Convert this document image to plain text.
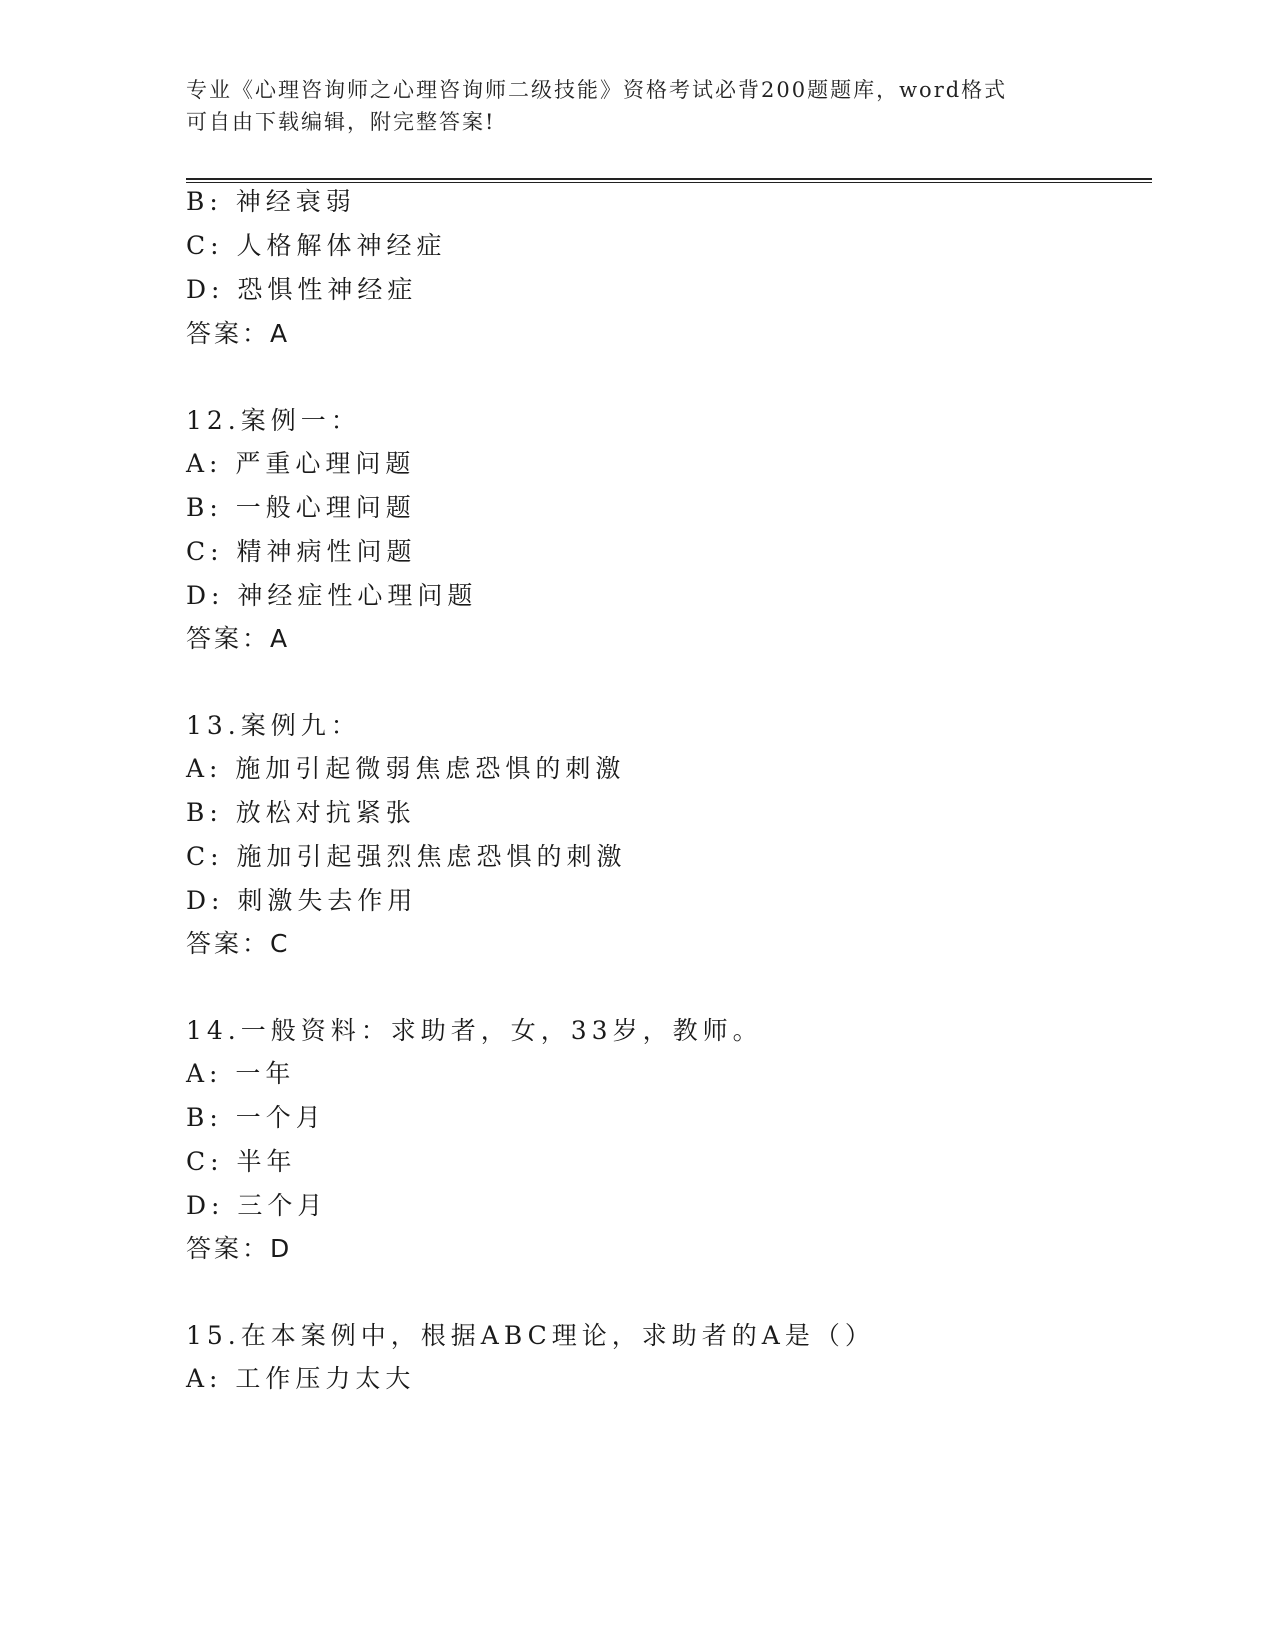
专业《心理咨询师之心理咨询师二级技能》资格考试必背200题题库，word格式
可自由下载编辑，附完整答案!
B: 神经衰弱
C: 人格解体神经症
D: 恐惧性神经症
答案：A
12.案例一：
A: 严重心理问题
B: 一般心理问题
C: 精神病性问题
D: 神经症性心理问题
答案：A
13.案例九：
A: 施加引起微弱焦虑恐惧的刺激
B: 放松对抗紧张
C: 施加引起强烈焦虑恐惧的刺激
D: 刺激失去作用
答案：C
14.一般资料：求助者，女，33岁，教师。
A: 一年
B: 一个月
C: 半年
D: 三个月
答案：D
15.在本案例中，根据ABC理论，求助者的A是（）
A: 工作压力太大
